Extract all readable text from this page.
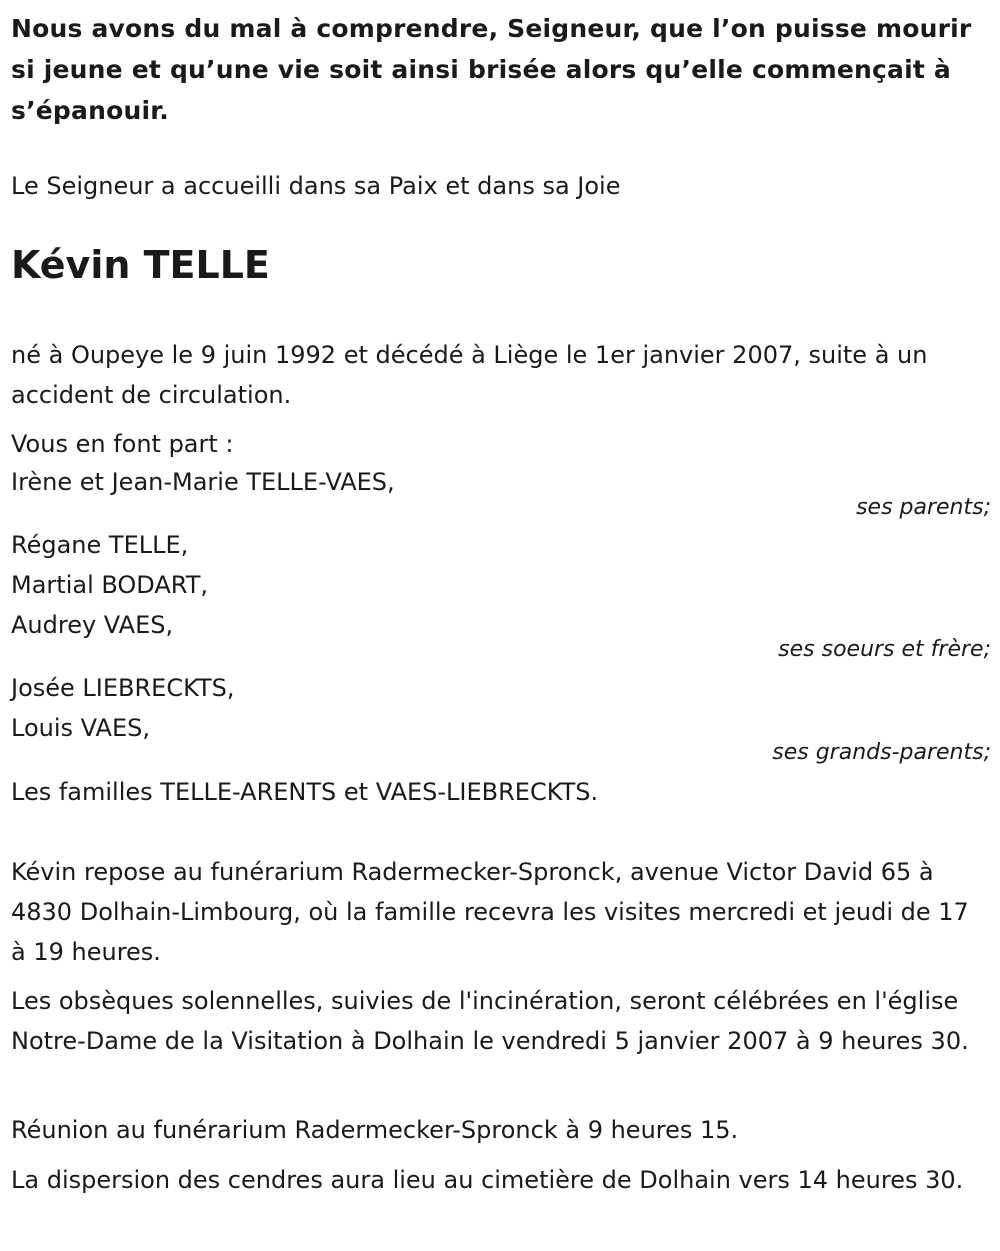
Nous avons du mal à comprendre, Seigneur, que l’on puisse mourir si jeune et qu’une vie soit ainsi brisée alors qu’elle commençait à s’épanouir.

Le Seigneur a accueilli dans sa Paix et dans sa Joie

Kévin TELLE

né à Oupeye le 9 juin 1992 et décédé à Liège le 1er janvier 2007, suite à un accident de circulation.

Vous en font part :

Irène et Jean-Marie TELLE-VAES,

ses parents;

Régane TELLE,

Martial BODART,

Audrey VAES,

ses soeurs et frère;

Josée LIEBRECKTS,

Louis VAES,

ses grands-parents;

Les familles TELLE-ARENTS et VAES-LIEBRECKTS.

Kévin repose au funérarium Radermecker-Spronck, avenue Victor David 65 à 4830 Dolhain-Limbourg, où la famille recevra les visites mercredi et jeudi de 17 à 19 heures.

Les obsèques solennelles, suivies de l'incinération, seront célébrées en l'église Notre-Dame de la Visitation à Dolhain le vendredi 5 janvier 2007 à 9 heures 30.

Réunion au funérarium Radermecker-Spronck à 9 heures 15.

La dispersion des cendres aura lieu au cimetière de Dolhain vers 14 heures 30.
